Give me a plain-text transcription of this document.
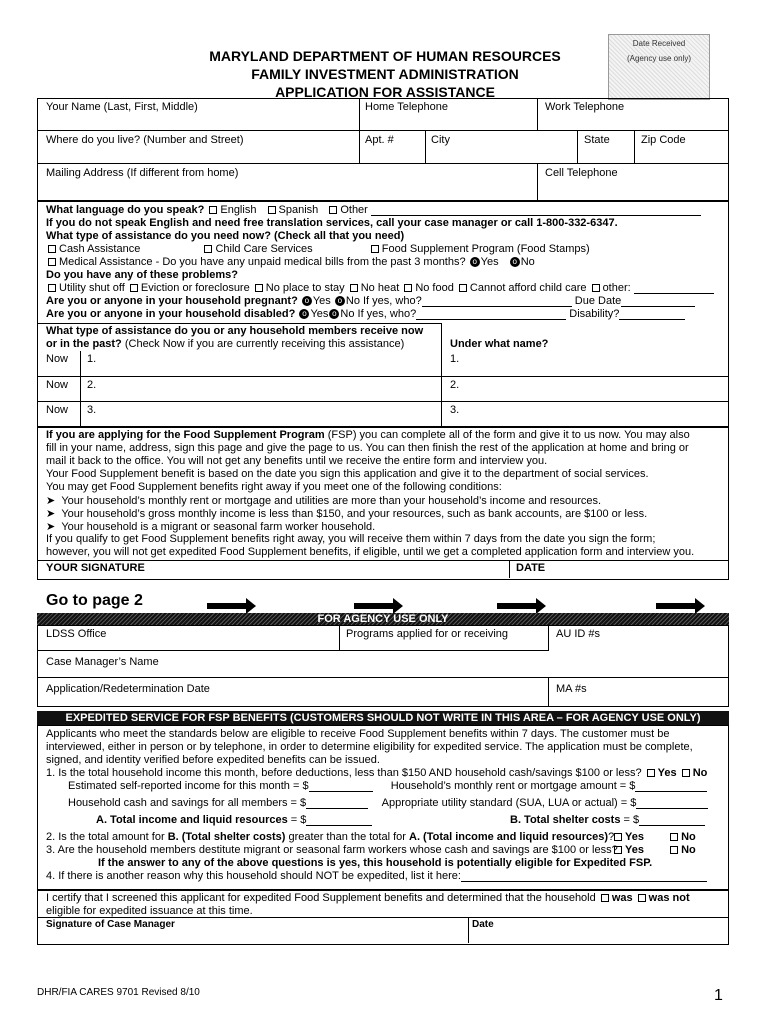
Date Received
(Agency use only)
MARYLAND DEPARTMENT OF HUMAN RESOURCES
FAMILY INVESTMENT ADMINISTRATION
APPLICATION FOR ASSISTANCE
Your Name (Last, First, Middle)	Home Telephone	Work Telephone
Where do you live? (Number and Street)	Apt. #	City	State	Zip Code
Mailing Address (If different from home)	Cell Telephone
What language do you speak? English Spanish Other
If you do not speak English and need free translation services, call your case manager or call 1-800-332-6347.
What type of assistance do you need now? (Check all that you need)
Cash Assistance	Child Care Services	Food Supplement Program (Food Stamps)
Medical Assistance - Do you have any unpaid medical bills from the past 3 months? o Yes o No
Do you have any of these problems?
Utility shut off Eviction or foreclosure No place to stay No heat No food Cannot afford child care other:
Are you or anyone in your household pregnant? o Yes o No If yes, who?	Due Date
Are you or anyone in your household disabled? o Yes o No If yes, who?	Disability?
What type of assistance do you or any household members receive now
or in the past? (Check Now if you are currently receiving this assistance)	Under what name?
Now 1.	1.
Now 2.	2.
Now 3.	3.
If you are applying for the Food Supplement Program (FSP) you can complete all of the form and give it to us now. You may also
fill in your name, address, sign this page and give the page to us. You can then finish the rest of the application at home and bring or
mail it back to the office. You will not get any benefits until we receive the entire form and interview you.
Your Food Supplement benefit is based on the date you sign this application and give it to the department of social services.
You may get Food Supplement benefits right away if you meet one of the following conditions:
➤ Your household’s monthly rent or mortgage and utilities are more than your household’s income and resources.
➤ Your household’s gross monthly income is less than $150, and your resources, such as bank accounts, are $100 or less.
➤ Your household is a migrant or seasonal farm worker household.
If you qualify to get Food Supplement benefits right away, you will receive them within 7 days from the date you sign the form;
however, you will not get expedited Food Supplement benefits, if eligible, until we get a completed application form and interview you.
YOUR SIGNATURE	DATE
Go to page 2
FOR AGENCY USE ONLY
LDSS Office	Programs applied for or receiving	AU ID #s
Case Manager’s Name
Application/Redetermination Date	MA #s
EXPEDITED SERVICE FOR FSP BENEFITS (CUSTOMERS SHOULD NOT WRITE IN THIS AREA – FOR AGENCY USE ONLY)
Applicants who meet the standards below are eligible to receive Food Supplement benefits within 7 days. The customer must be
interviewed, either in person or by telephone, in order to determine eligibility for expedited service. The application must be complete,
signed, and identity verified before expedited benefits can be issued.
1. Is the total household income this month, before deductions, less than $150 AND household cash/savings $100 or less? Yes No
Estimated self-reported income for this month = $	Household’s monthly rent or mortgage amount = $
Household cash and savings for all members = $	Appropriate utility standard (SUA, LUA or actual) = $
A. Total income and liquid resources = $	B. Total shelter costs = $
2. Is the total amount for B. (Total shelter costs) greater than the total for A. (Total income and liquid resources)? Yes	No
3. Are the household members destitute migrant or seasonal farm workers whose cash and savings are $100 or less? Yes	No
If the answer to any of the above questions is yes, this household is potentially eligible for Expedited FSP.
4. If there is another reason why this household should NOT be expedited, list it here:
I certify that I screened this applicant for expedited Food Supplement benefits and determined that the household was was not
eligible for expedited issuance at this time.
Signature of Case Manager	Date
DHR/FIA CARES 9701 Revised 8/10	1
